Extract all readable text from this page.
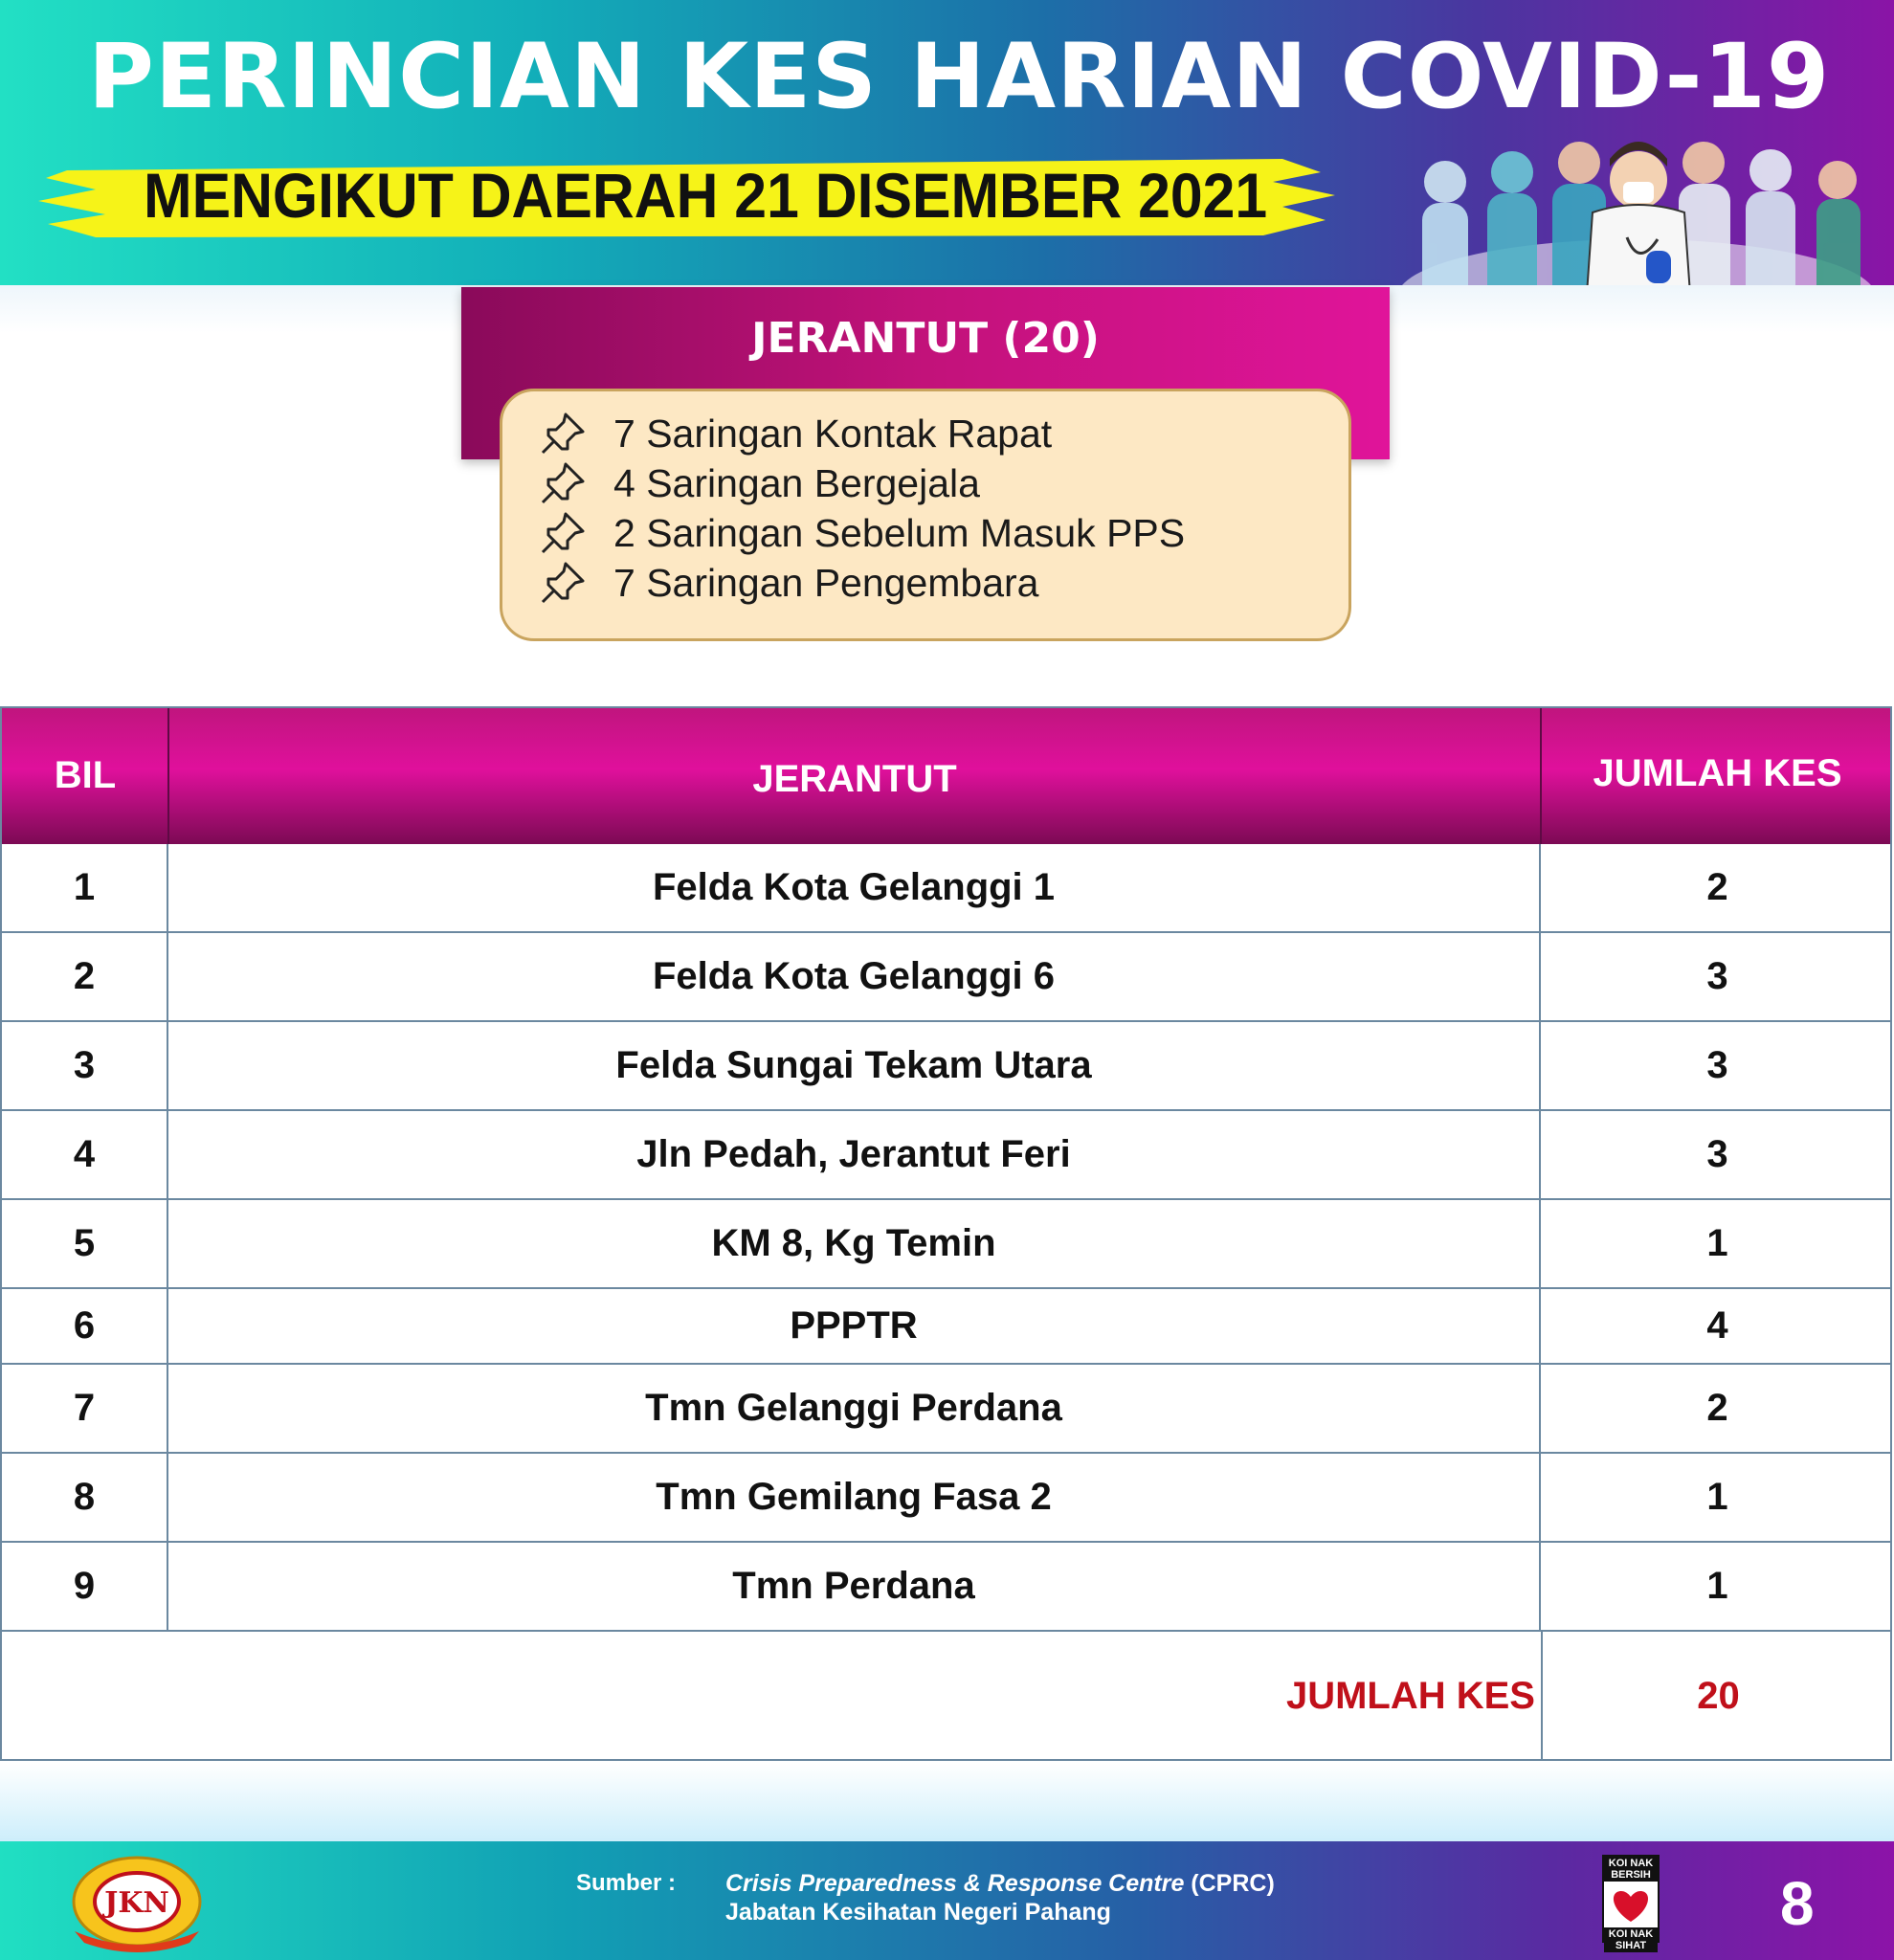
PERINCIAN KES HARIAN COVID-19
MENGIKUT DAERAH 21 DISEMBER 2021
JERANTUT (20)
7 Saringan Kontak Rapat
4 Saringan Bergejala
2 Saringan Sebelum Masuk PPS
7 Saringan Pengembara
BIL	JERANTUT	JUMLAH KES
1	Felda Kota Gelanggi 1	2
2	Felda Kota Gelanggi 6	3
3	Felda Sungai Tekam Utara	3
4	Jln Pedah, Jerantut Feri	3
5	KM 8, Kg Temin	1
6	PPPTR	4
7	Tmn Gelanggi Perdana	2
8	Tmn Gemilang Fasa 2	1
9	Tmn Perdana	1
JUMLAH KES	20
JKN
Sumber : Crisis Preparedness & Response Centre (CPRC)
Jabatan Kesihatan Negeri Pahang
KOI NAK BERSIH
KOI NAK SIHAT
8
